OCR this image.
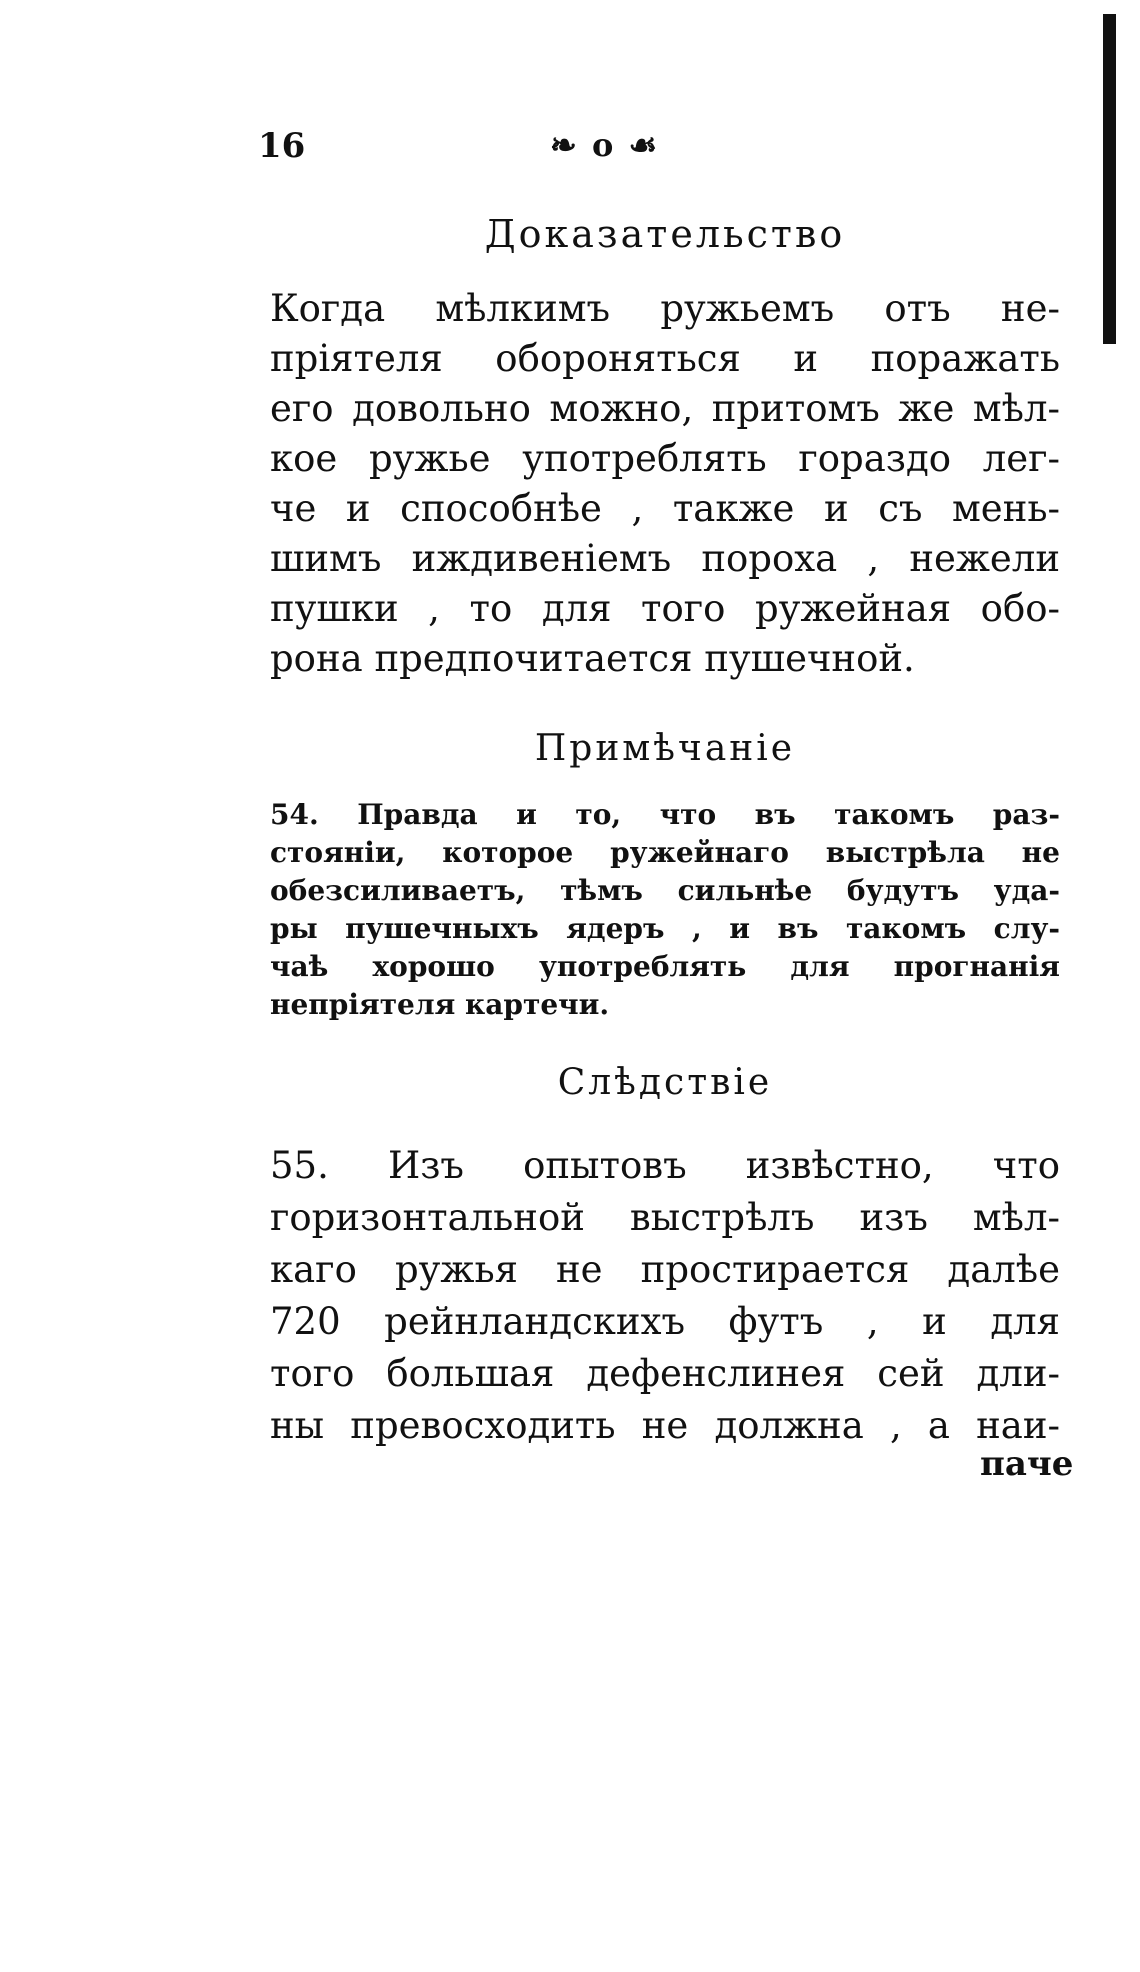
16	❧ o ☙
Доказательство
Когда мѣлкимъ ружьемъ отъ не-
пріятеля обороняться и поражать
его довольно можно, притомъ же мѣл-
кое ружье употреблять гораздо лег-
че и способнѣе , также и съ мень-
шимъ иждивеніемъ пороха , нежели
пушки , то для того ружейная обо-
рона предпочитается пушечной.
Примѣчаніе
54. Правда и то, что въ такомъ раз-
стояніи, которое ружейнаго выстрѣла не
обезсиливаетъ, тѣмъ сильнѣе будутъ уда-
ры пушечныхъ ядеръ , и въ такомъ слу-
чаѣ хорошо употреблять для прогнанія
непріятеля картечи.
Слѣдствіе
55. Изъ опытовъ извѣстно, что
горизонтальной выстрѣлъ изъ мѣл-
каго ружья не простирается далѣе
720 рейнландскихъ футъ , и для
того большая дефенслинея сей дли-
ны превосходить не должна , а наи-
паче
